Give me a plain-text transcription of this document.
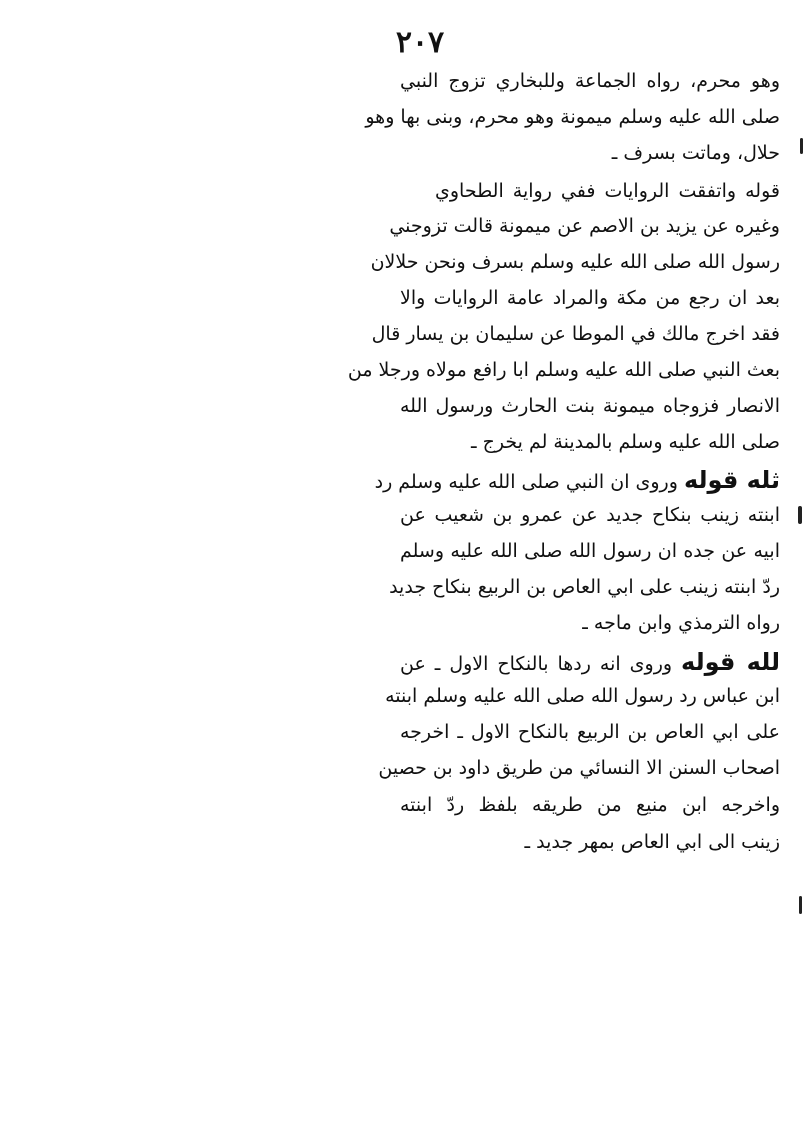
٢٠٧
وهو محرم، رواه الجماعة وللبخاري تزوج النبي
صلى الله عليه وسلم ميمونة وهو محرم، وبنى بها وهو
حلال، وماتت بسرف ـ
قوله واتفقت الروايات ففي رواية الطحاوي
وغيره عن يزيد بن الاصم عن ميمونة قالت تزوجني
رسول الله صلى الله عليه وسلم بسرف ونحن حلالان
بعد ان رجع من مكة والمراد عامة الروايات والا
فقد اخرج مالك في الموطا عن سليمان بن يسار قال
بعث النبي صلى الله عليه وسلم ابا رافع مولاه ورجلا من
الانصار فزوجاه ميمونة بنت الحارث ورسول الله
صلى الله عليه وسلم بالمدينة لم يخرج ـ
ثله قوله وروى ان النبي صلى الله عليه وسلم رد
ابنته زينب بنكاح جديد عن عمرو بن شعيب عن
ابيه عن جده ان رسول الله صلى الله عليه وسلم
ردّ ابنته زينب على ابي العاص بن الربيع بنكاح جديد
رواه الترمذي وابن ماجه ـ
لله قوله وروى انه ردها بالنكاح الاول ـ عن
ابن عباس رد رسول الله صلى الله عليه وسلم ابنته
على ابي العاص بن الربيع بالنكاح الاول ـ اخرجه
اصحاب السنن الا النسائي من طريق داود بن حصين
واخرجه ابن منيع من طريقه بلفظ ردّ ابنته
زينب الى ابي العاص بمهر جديد ـ
